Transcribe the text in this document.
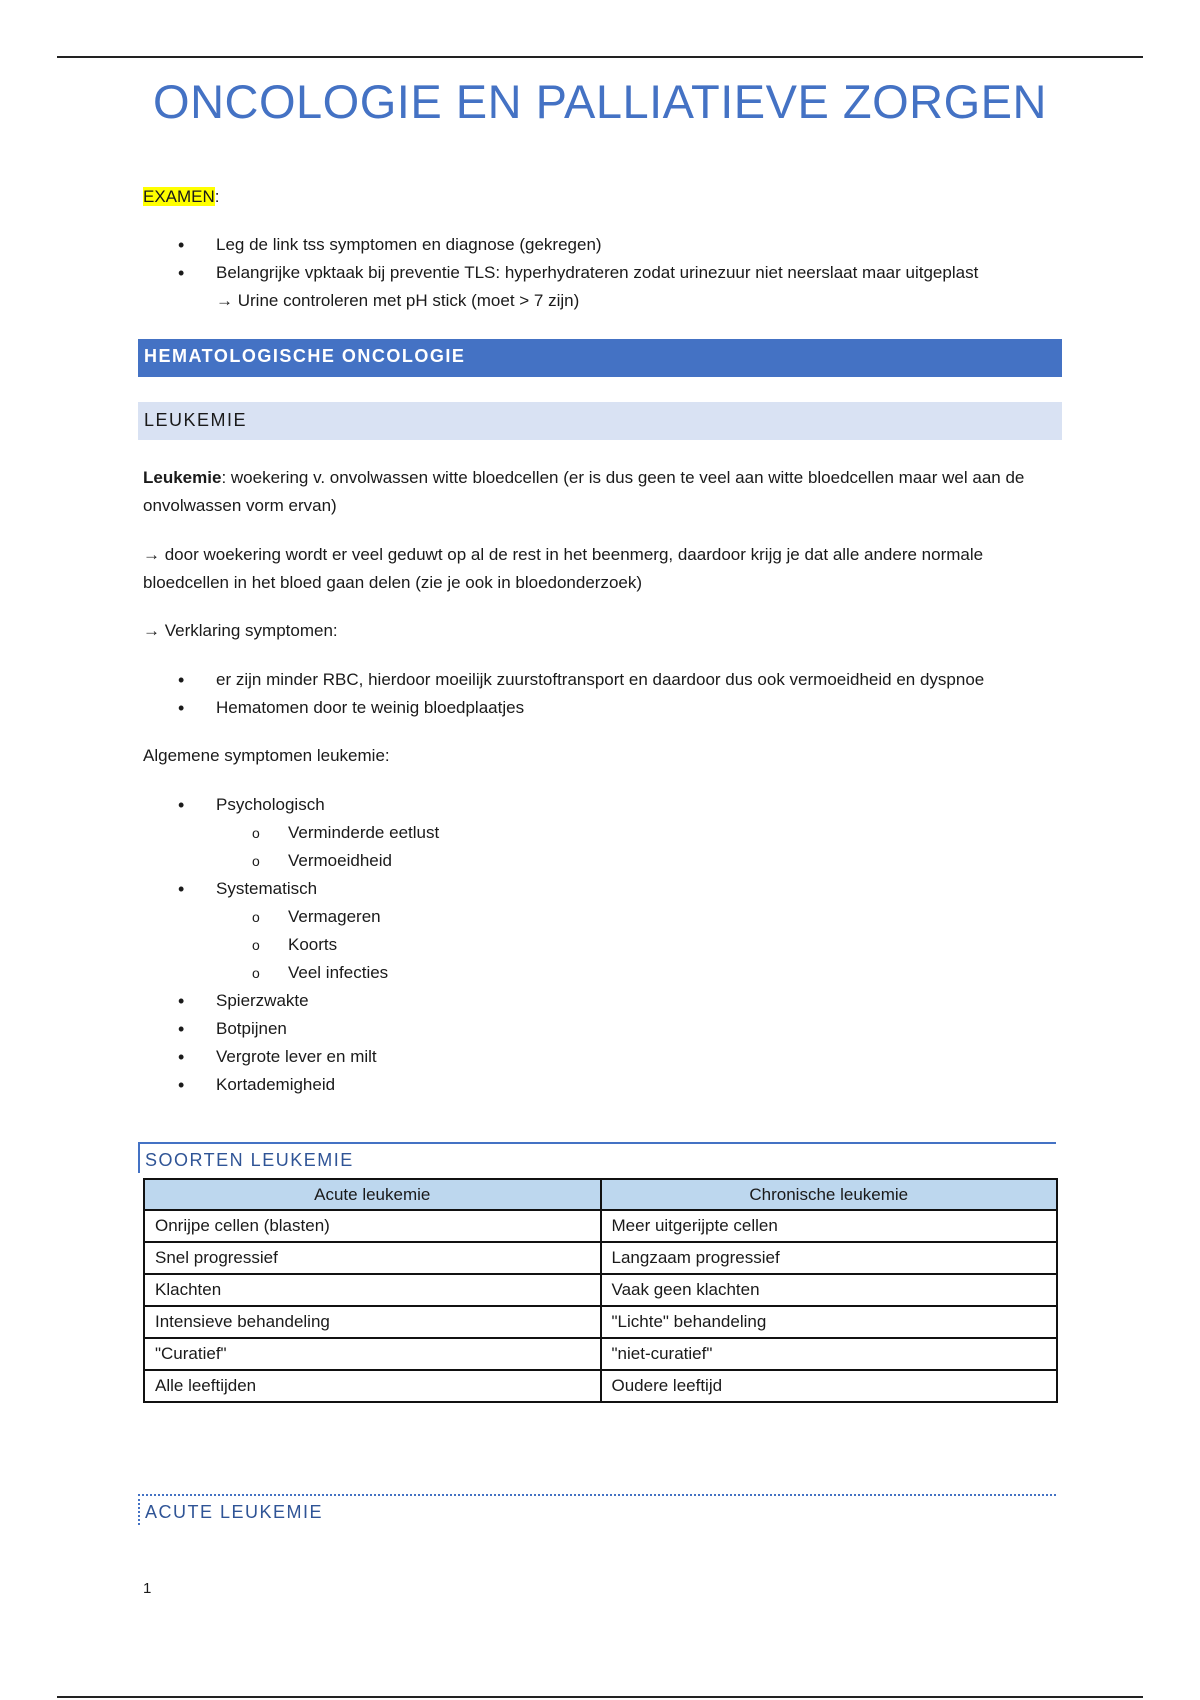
ONCOLOGIE EN PALLIATIEVE ZORGEN
EXAMEN:
• Leg de link tss symptomen en diagnose (gekregen)
• Belangrijke vpktaak bij preventie TLS: hyperhydrateren zodat urinezuur niet neerslaat maar uitgeplast
→ Urine controleren met pH stick (moet > 7 zijn)
HEMATOLOGISCHE ONCOLOGIE
LEUKEMIE
Leukemie: woekering v. onvolwassen witte bloedcellen (er is dus geen te veel aan witte bloedcellen maar wel aan de onvolwassen vorm ervan)
→ door woekering wordt er veel geduwt op al de rest in het beenmerg, daardoor krijg je dat alle andere normale bloedcellen in het bloed gaan delen (zie je ook in bloedonderzoek)
→ Verklaring symptomen:
• er zijn minder RBC, hierdoor moeilijk zuurstoftransport en daardoor dus ook vermoeidheid en dyspnoe
• Hematomen door te weinig bloedplaatjes
Algemene symptomen leukemie:
• Psychologisch
o Verminderde eetlust
o Vermoeidheid
• Systematisch
o Vermageren
o Koorts
o Veel infecties
• Spierzwakte
• Botpijnen
• Vergrote lever en milt
• Kortademigheid
SOORTEN LEUKEMIE
Acute leukemie	Chronische leukemie
Onrijpe cellen (blasten)	Meer uitgerijpte cellen
Snel progressief	Langzaam progressief
Klachten	Vaak geen klachten
Intensieve behandeling	"Lichte" behandeling
"Curatief"	"niet-curatief"
Alle leeftijden	Oudere leeftijd
ACUTE LEUKEMIE
1
